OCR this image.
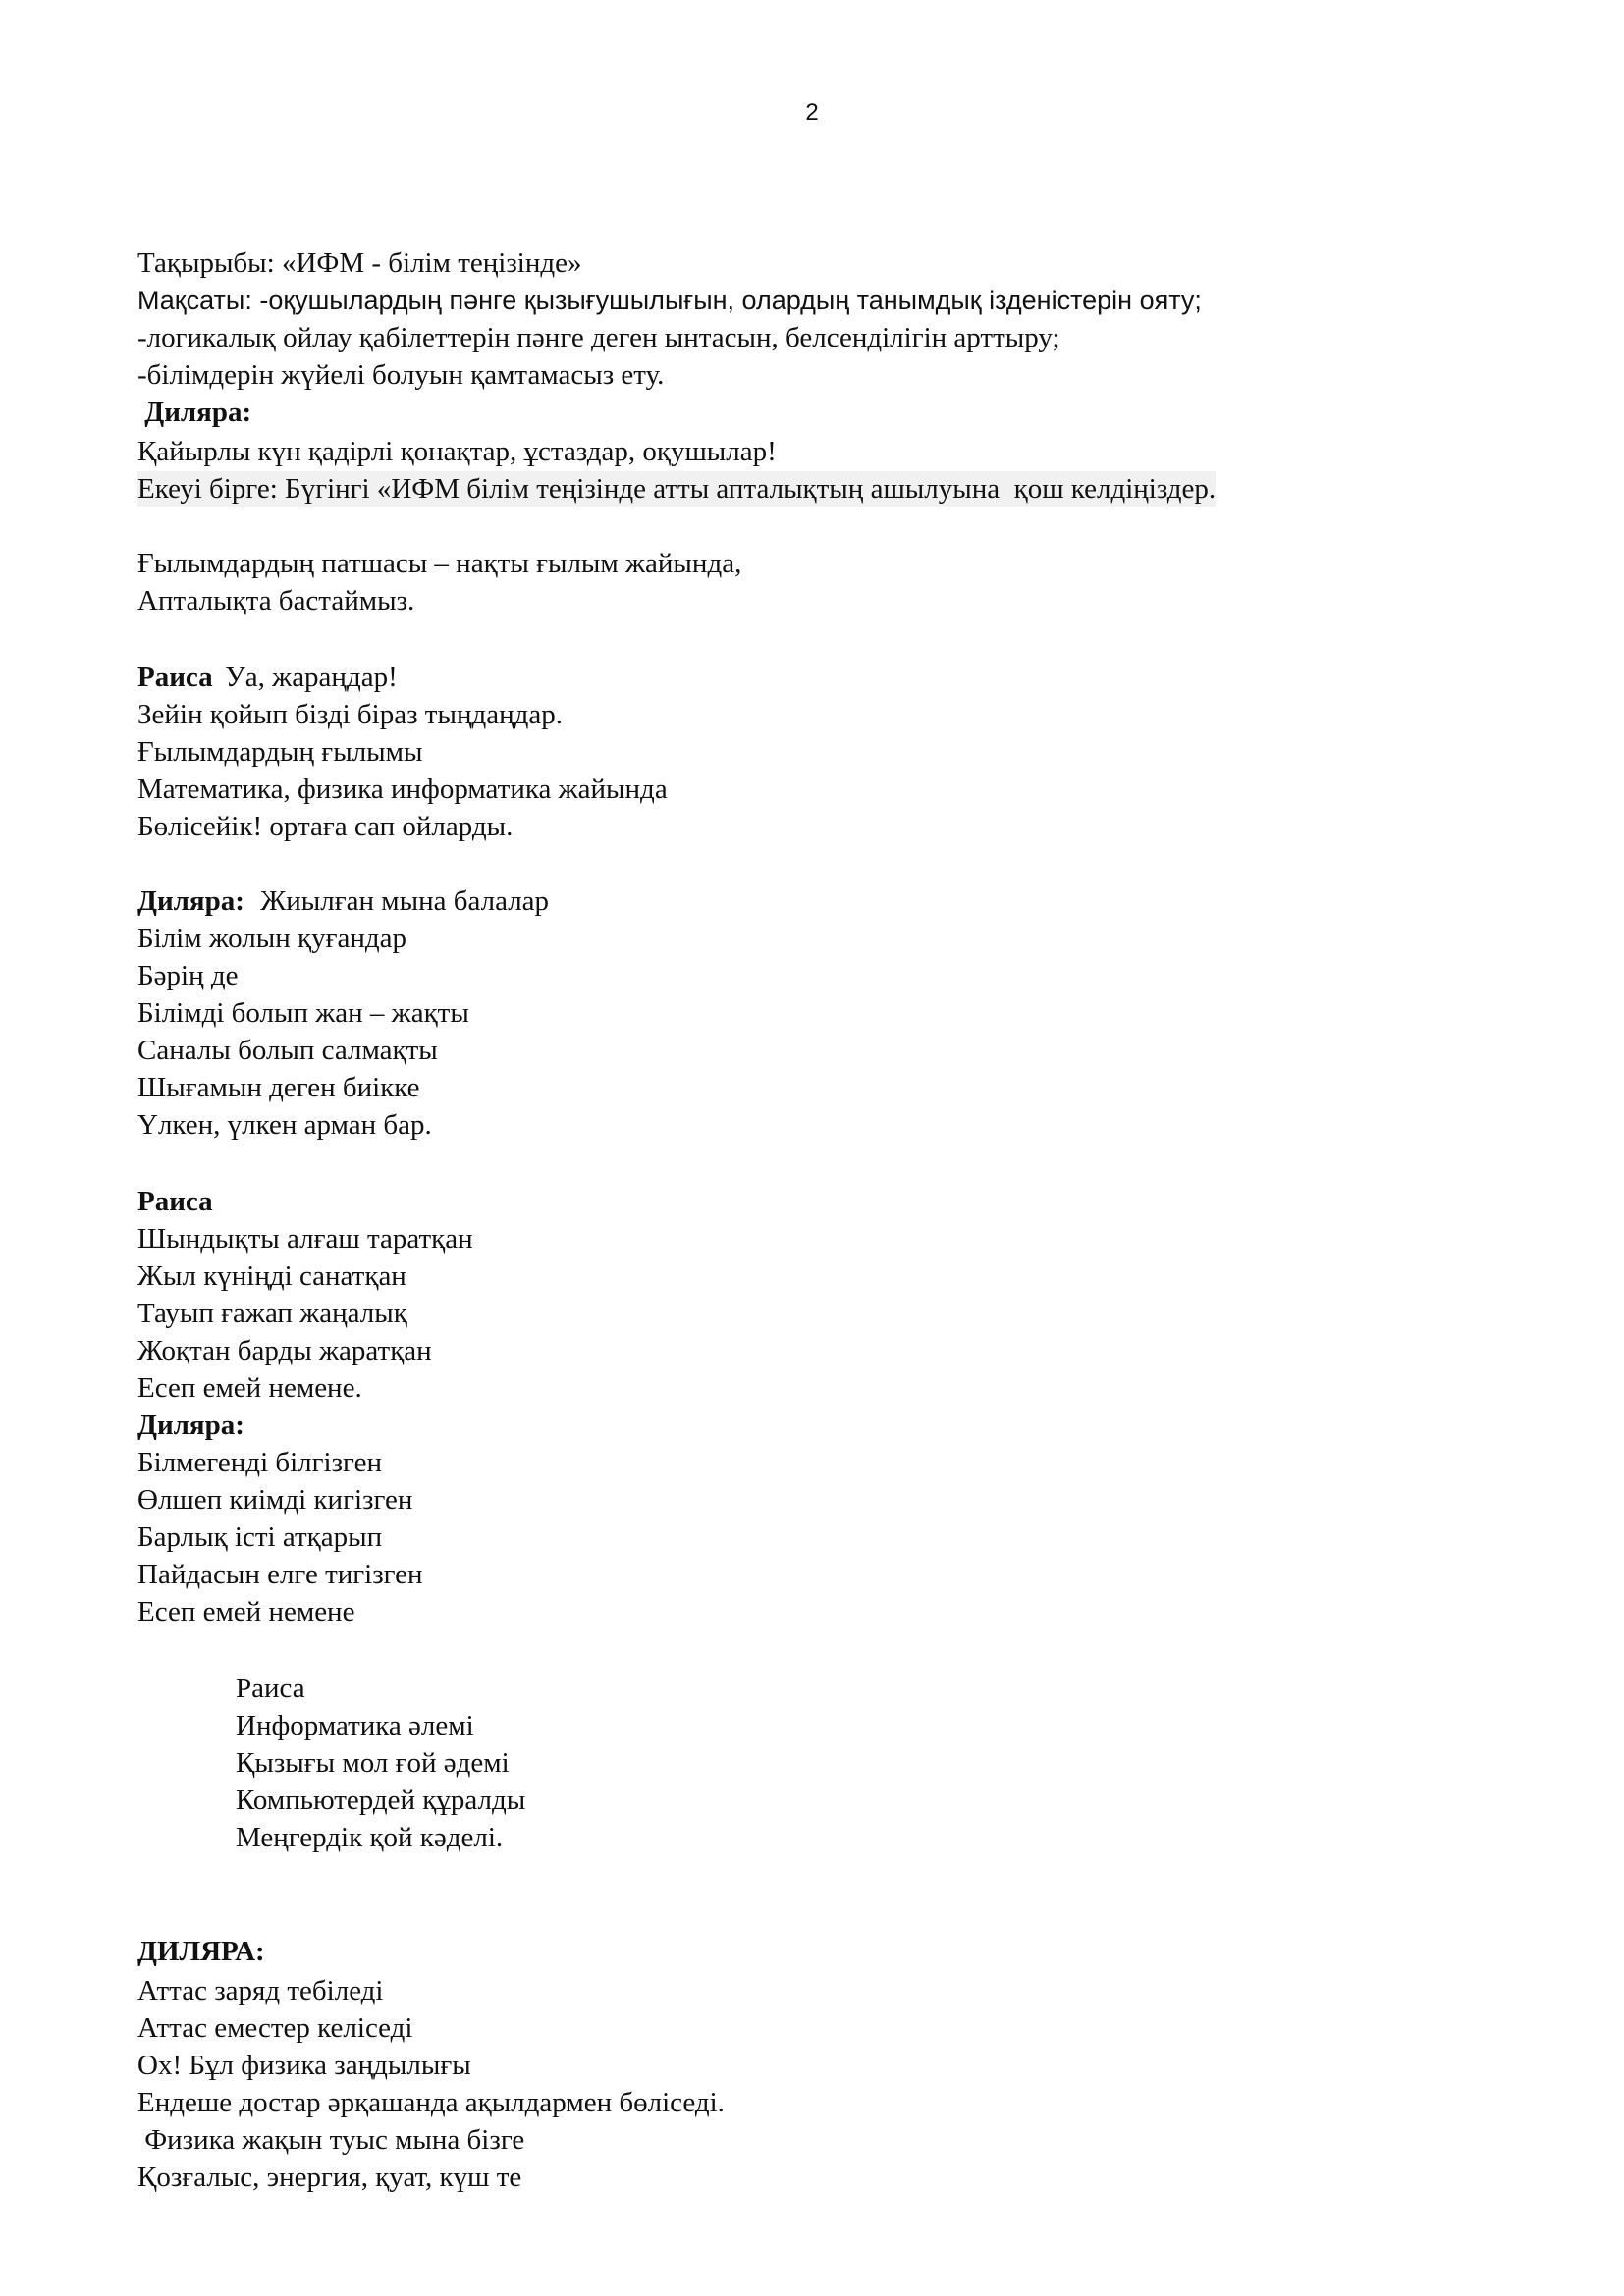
2
Тақырыбы: «ИФМ - білім теңізінде»
Мақсаты: -оқушылардың пәнге қызығушылығын, олардың танымдық ізденістерін ояту;
-логикалық ойлау қабілеттерін пәнге деген ынтасын, белсенділігін арттыру;
-білімдерін жүйелі болуын қамтамасыз ету.
Диляра:
Қайырлы күн қадірлі қонақтар, ұстаздар, оқушылар!
Екеуі бірге: Бүгінгі «ИФМ білім теңізінде атты апталықтың ашылуына  қош келдіңіздер.
Ғылымдардың патшасы – нақты ғылым жайында,
Апталықта бастаймыз.
Раиса Уа, жараңдар!
Зейін қойып бізді біраз тыңдаңдар.
Ғылымдардың ғылымы
Математика, физика информатика жайында
Бөлісейік! ортаға сап ойларды.
Диляра: Жиылған мына балалар
Білім жолын қуғандар
Бәрің де
Білімді болып жан – жақты
Саналы болып салмақты
Шығамын деген биікке
Үлкен, үлкен арман бар.
Раиса
Шындықты алғаш таратқан
Жыл күніңді санатқан
Тауып ғажап жаңалық
Жоқтан барды жаратқан
Есеп емей немене.
Диляра:
Білмегенді білгізген
Өлшеп киімді кигізген
Барлық істі атқарып
Пайдасын елге тигізген
Есеп емей немене
Раиса
Информатика әлемі
Қызығы мол ғой әдемі
Компьютердей құралды
Меңгердік қой кәделі.
ДИЛЯРА:
Аттас заряд тебіледі
Аттас еместер келіседі
Ох! Бұл физика заңдылығы
Ендеше достар әрқашанда ақылдармен бөліседі.
Физика жақын туыс мына бізге
Қозғалыс, энергия, қуат, күш те
